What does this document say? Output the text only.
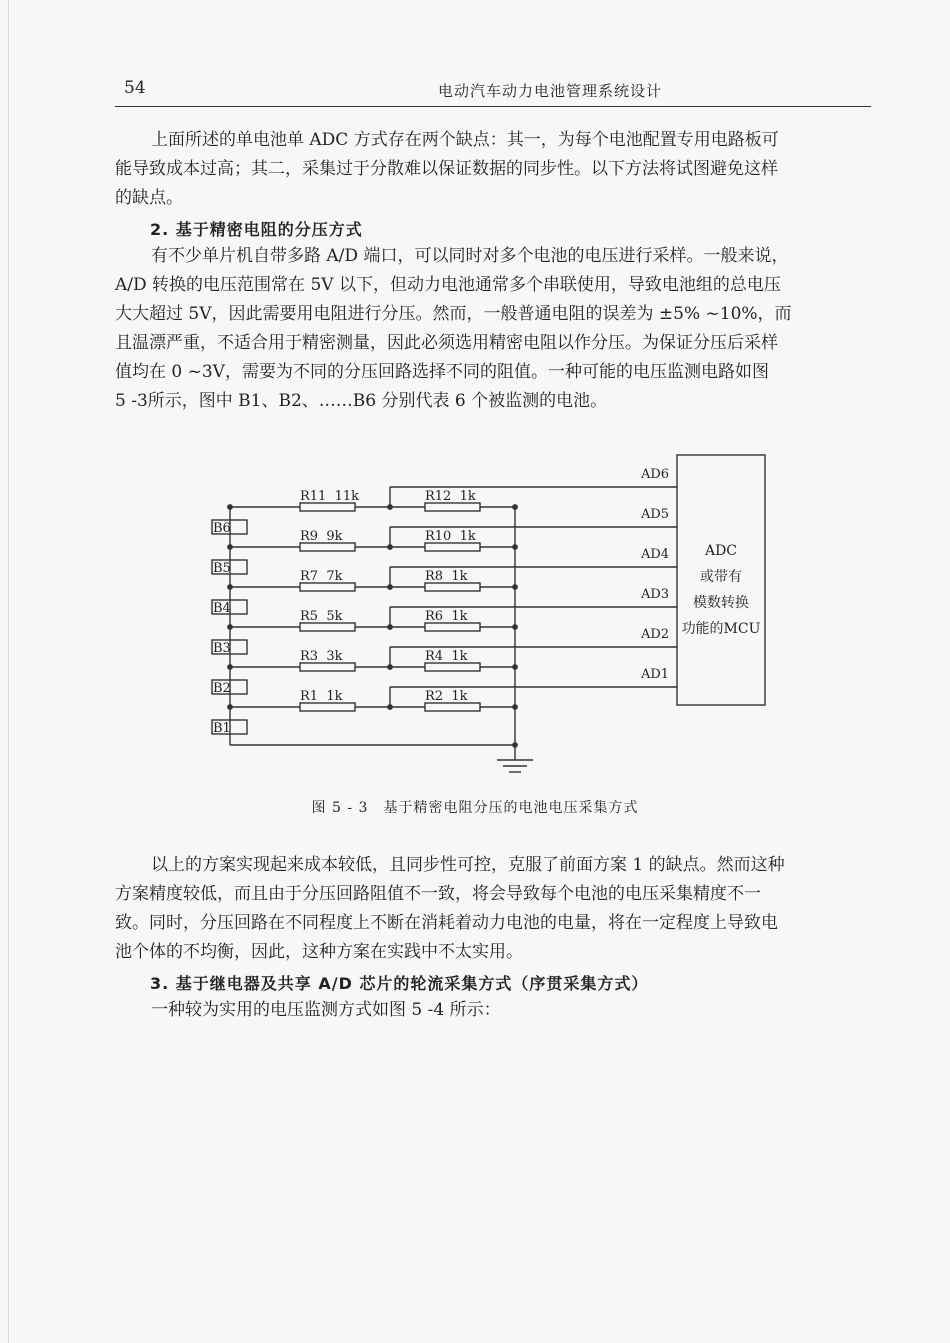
54	电动汽车动力电池管理系统设计
上面所述的单电池单 ADC 方式存在两个缺点：其一，为每个电池配置专用电路板可
能导致成本过高；其二，采集过于分散难以保证数据的同步性。以下方法将试图避免这样
的缺点。
2. 基于精密电阻的分压方式
有不少单片机自带多路 A/D 端口，可以同时对多个电池的电压进行采样。一般来说，
A/D 转换的电压范围常在 5V 以下，但动力电池通常多个串联使用，导致电池组的总电压
大大超过 5V，因此需要用电阻进行分压。然而，一般普通电阻的误差为 ±5% ~10%，而
且温漂严重，不适合用于精密测量，因此必须选用精密电阻以作分压。为保证分压后采样
值均在 0 ~3V，需要为不同的分压回路选择不同的阻值。一种可能的电压监测电路如图
5 -3所示，图中 B1、B2、……B6 分别代表 6 个被监测的电池。
ADC
或带有
模数转换
功能的MCU
AD6
AD5
AD4
AD3
AD2
AD1
R11  11k
R9  9k
R7  7k
R5  5k
R3  3k
R1  1k
R12  1k
R10  1k
R8  1k
R6  1k
R4  1k
R2  1k
B6
B5
B4
B3
B2
B1
图 5 - 3　基于精密电阻分压的电池电压采集方式
以上的方案实现起来成本较低，且同步性可控，克服了前面方案 1 的缺点。然而这种
方案精度较低，而且由于分压回路阻值不一致，将会导致每个电池的电压采集精度不一
致。同时，分压回路在不同程度上不断在消耗着动力电池的电量，将在一定程度上导致电
池个体的不均衡，因此，这种方案在实践中不太实用。
3. 基于继电器及共享 A/D 芯片的轮流采集方式（序贯采集方式）
一种较为实用的电压监测方式如图 5 -4 所示：
